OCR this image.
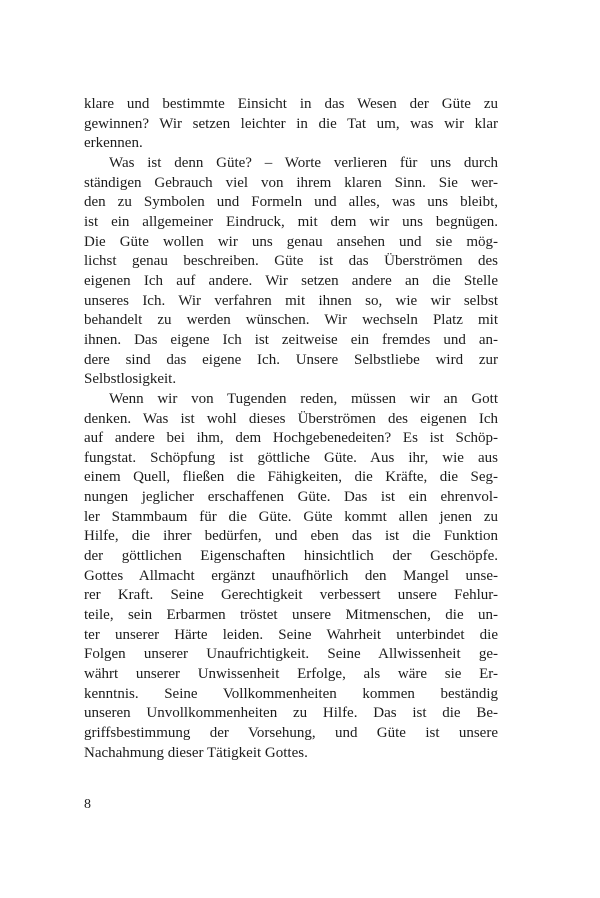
klare und bestimmte Einsicht in das Wesen der Güte zu
gewinnen? Wir setzen leichter in die Tat um, was wir klar
erkennen.
Was ist denn Güte? – Worte verlieren für uns durch
ständigen Gebrauch viel von ihrem klaren Sinn. Sie wer-
den zu Symbolen und Formeln und alles, was uns bleibt,
ist ein allgemeiner Eindruck, mit dem wir uns begnügen.
Die Güte wollen wir uns genau ansehen und sie mög-
lichst genau beschreiben. Güte ist das Überströmen des
eigenen Ich auf andere. Wir setzen andere an die Stelle
unseres Ich. Wir verfahren mit ihnen so, wie wir selbst
behandelt zu werden wünschen. Wir wechseln Platz mit
ihnen. Das eigene Ich ist zeitweise ein fremdes und an-
dere sind das eigene Ich. Unsere Selbstliebe wird zur
Selbstlosigkeit.
Wenn wir von Tugenden reden, müssen wir an Gott
denken. Was ist wohl dieses Überströmen des eigenen Ich
auf andere bei ihm, dem Hochgebenedeiten? Es ist Schöp-
fungstat. Schöpfung ist göttliche Güte. Aus ihr, wie aus
einem Quell, fließen die Fähigkeiten, die Kräfte, die Seg-
nungen jeglicher erschaffenen Güte. Das ist ein ehrenvol-
ler Stammbaum für die Güte. Güte kommt allen jenen zu
Hilfe, die ihrer bedürfen, und eben das ist die Funktion
der göttlichen Eigenschaften hinsichtlich der Geschöpfe.
Gottes Allmacht ergänzt unaufhörlich den Mangel unse-
rer Kraft. Seine Gerechtigkeit verbessert unsere Fehlur-
teile, sein Erbarmen tröstet unsere Mitmenschen, die un-
ter unserer Härte leiden. Seine Wahrheit unterbindet die
Folgen unserer Unaufrichtigkeit. Seine Allwissenheit ge-
währt unserer Unwissenheit Erfolge, als wäre sie Er-
kenntnis. Seine Vollkommenheiten kommen beständig
unseren Unvollkommenheiten zu Hilfe. Das ist die Be-
griffsbestimmung der Vorsehung, und Güte ist unsere
Nachahmung dieser Tätigkeit Gottes.
8
